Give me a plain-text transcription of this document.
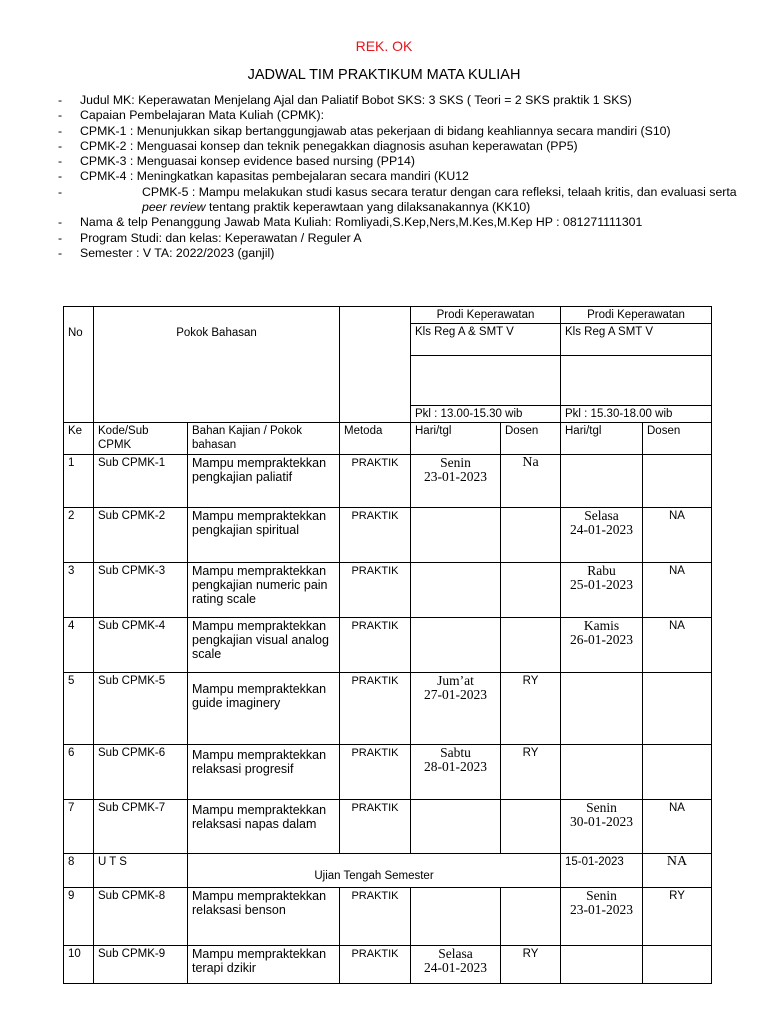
REK. OK
JADWAL TIM PRAKTIKUM MATA KULIAH
- Judul MK: Keperawatan Menjelang Ajal dan Paliatif Bobot SKS: 3 SKS ( Teori = 2 SKS praktik 1 SKS)
- Capaian Pembelajaran Mata Kuliah (CPMK):
- CPMK-1 : Menunjukkan sikap bertanggungjawab atas pekerjaan di bidang keahliannya secara mandiri (S10)
- CPMK-2 : Menguasai konsep dan teknik penegakkan diagnosis asuhan keperawatan (PP5)
- CPMK-3 : Menguasai konsep evidence based nursing (PP14)
- CPMK-4 : Meningkatkan kapasitas pembejalaran secara mandiri (KU12
-	CPMK-5 : Mampu melakukan studi kasus secara teratur dengan cara refleksi, telaah kritis, dan evaluasi serta
peer review tentang praktik keperawtaan yang dilaksanakannya (KK10)
- Nama & telp Penanggung Jawab Mata Kuliah: Romliyadi,S.Kep,Ners,M.Kes,M.Kep HP : 081271111301
- Program Studi: dan kelas: Keperawatan / Reguler A
- Semester : V TA: 2022/2023 (ganjil)
No	Pokok Bahasan			Prodi Keperawatan		Prodi Keperawatan	
				Kls Reg A & SMT V		Kls Reg A SMT V	

				Pkl : 13.00-15.30 wib		Pkl : 15.30-18.00 wib	
Ke	Kode/Sub CPMK	Bahan Kajian / Pokok bahasan	Metoda	Hari/tgl	Dosen	Hari/tgl	Dosen
1	Sub CPMK-1	Mampu mempraktekkan pengkajian paliatif	PRAKTIK	Senin
23-01-2023	Na	

2	Sub CPMK-2	Mampu mempraktekkan pengkajian spiritual	PRAKTIK			Selasa
24-01-2023	NA
3	Sub CPMK-3	Mampu mempraktekkan pengkajian numeric pain rating scale	PRAKTIK			Rabu
25-01-2023	NA
4	Sub CPMK-4	Mampu mempraktekkan pengkajian visual analog scale	PRAKTIK			Kamis
26-01-2023	NA
5	Sub CPMK-5	Mampu mempraktekkan guide imaginery	PRAKTIK	Jum’at
27-01-2023	RY	

6	Sub CPMK-6	Mampu mempraktekkan relaksasi progresif	PRAKTIK	Sabtu
28-01-2023	RY	

7	Sub CPMK-7	Mampu mempraktekkan relaksasi napas dalam	PRAKTIK			Senin
30-01-2023	NA
8	U T S	Ujian Tengah Semester				15-01-2023	NA
9	Sub CPMK-8	Mampu mempraktekkan relaksasi benson	PRAKTIK			Senin
23-01-2023	RY
10	Sub CPMK-9	Mampu mempraktekkan terapi dzikir	PRAKTIK	Selasa
24-01-2023	RY	
